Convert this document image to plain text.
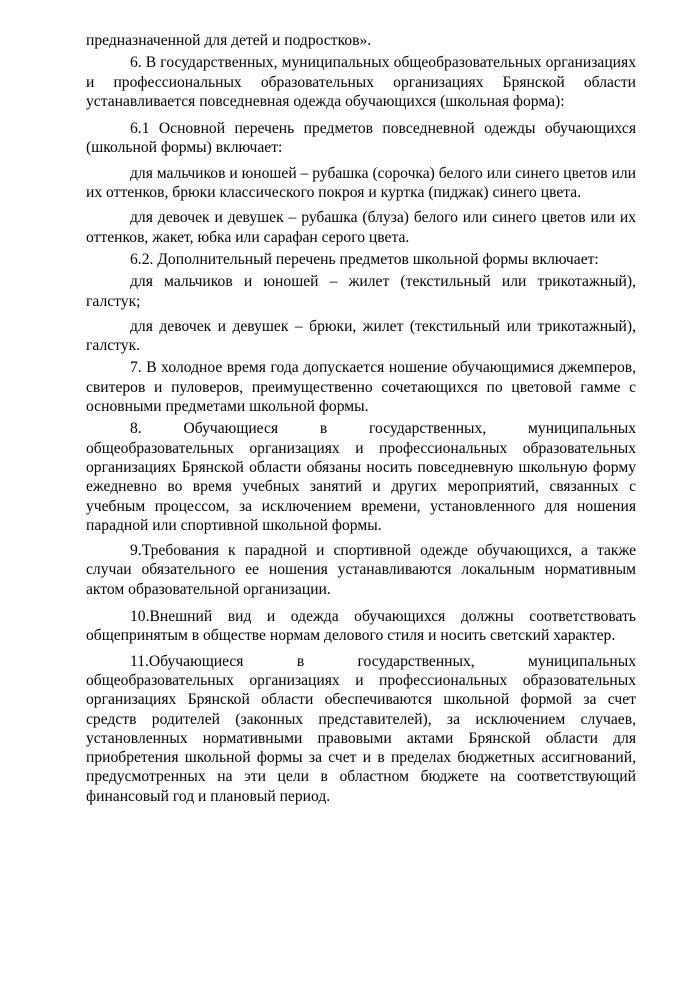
предназначенной для детей и подростков».

6. В государственных, муниципальных общеобразовательных организациях и профессиональных образовательных организациях Брянской области устанавливается повседневная одежда обучающихся (школьная форма):

6.1 Основной перечень предметов повседневной одежды обучающихся (школьной формы) включает:

для мальчиков и юношей – рубашка (сорочка) белого или синего цветов или их оттенков, брюки классического покроя и куртка (пиджак) синего цвета.

для девочек и девушек – рубашка (блуза) белого или синего цветов или их оттенков, жакет, юбка или сарафан серого цвета.

6.2. Дополнительный перечень предметов школьной формы включает:

для мальчиков и юношей – жилет (текстильный или трикотажный), галстук;

для девочек и девушек – брюки, жилет (текстильный или трикотажный), галстук.

7. В холодное время года допускается ношение обучающимися джемперов, свитеров и пуловеров, преимущественно сочетающихся по цветовой гамме с основными предметами школьной формы.

8. Обучающиеся в государственных, муниципальных общеобразовательных организациях и профессиональных образовательных организациях Брянской области обязаны носить повседневную школьную форму ежедневно во время учебных занятий и других мероприятий, связанных с учебным процессом, за исключением времени, установленного для ношения парадной или спортивной школьной формы.

9.Требования к парадной и спортивной одежде обучающихся, а также случаи обязательного ее ношения устанавливаются локальным нормативным актом образовательной организации.

10.Внешний вид и одежда обучающихся должны соответствовать общепринятым в обществе нормам делового стиля и носить светский характер.

11.Обучающиеся в государственных, муниципальных общеобразовательных организациях и профессиональных образовательных организациях Брянской области обеспечиваются школьной формой за счет средств родителей (законных представителей), за исключением случаев, установленных нормативными правовыми актами Брянской области для приобретения школьной формы за счет и в пределах бюджетных ассигнований, предусмотренных на эти цели в областном бюджете на соответствующий финансовый год и плановый период.
